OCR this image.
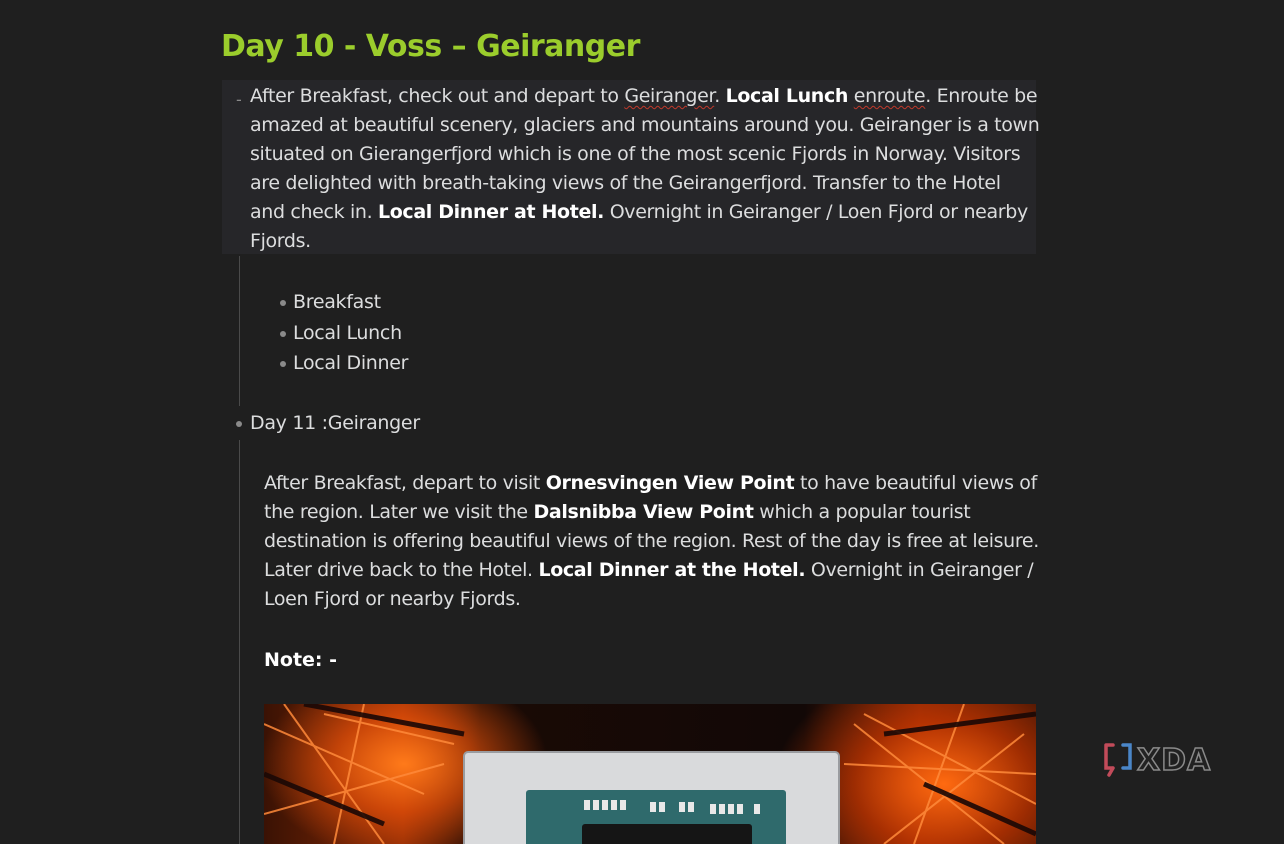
Day 10 - Voss – Geiranger
- After Breakfast, check out and depart to Geiranger. Local Lunch enroute. Enroute be amazed at beautiful scenery, glaciers and mountains around you. Geiranger is a town situated on Gierangerfjord which is one of the most scenic Fjords in Norway. Visitors are delighted with breath-taking views of the Geirangerfjord. Transfer to the Hotel and check in. Local Dinner at Hotel. Overnight in Geiranger / Loen Fjord or nearby Fjords.

Breakfast
Local Lunch
Local Dinner
Day 11 :Geiranger

After Breakfast, depart to visit Ornesvingen View Point to have beautiful views of the region. Later we visit the Dalsnibba View Point which a popular tourist destination is offering beautiful views of the region. Rest of the day is free at leisure. Later drive back to the Hotel. Local Dinner at the Hotel. Overnight in Geiranger / Loen Fjord or nearby Fjords.

Note: -

XDA
